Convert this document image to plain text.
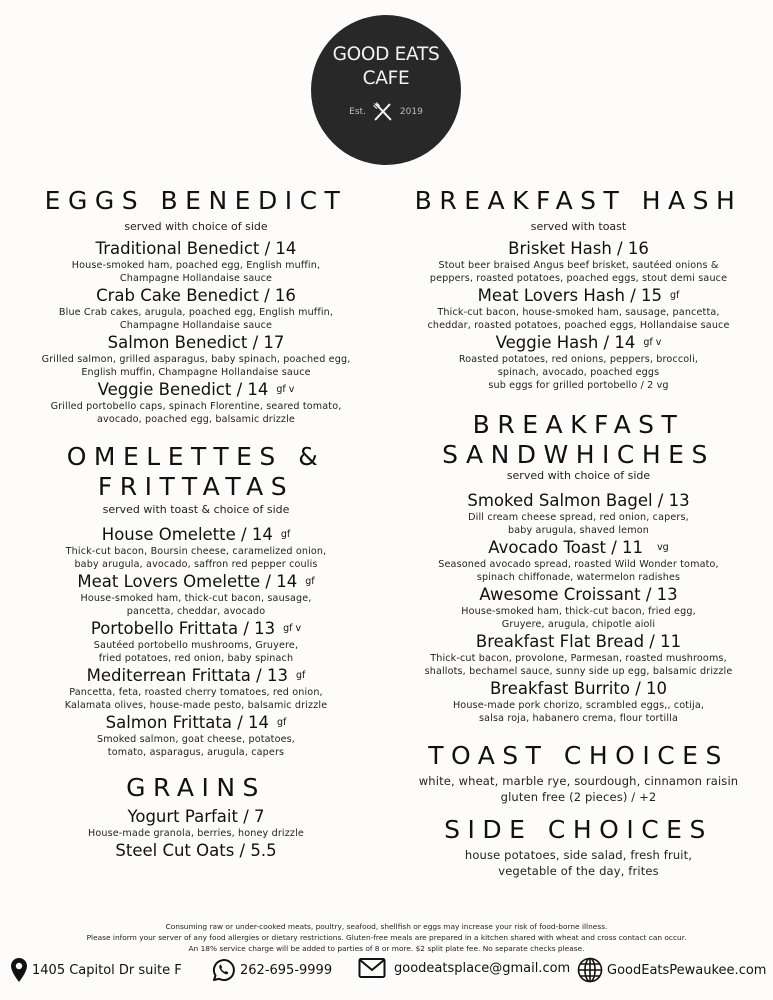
GOOD EATS
CAFE
Est.	2019
EGGS BENEDICT
served with choice of side
Traditional Benedict / 14
House-smoked ham, poached egg, English muffin,
Champagne Hollandaise sauce
Crab Cake Benedict / 16
Blue Crab cakes, arugula, poached egg, English muffin,
Champagne Hollandaise sauce
Salmon Benedict / 17
Grilled salmon, grilled asparagus, baby spinach, poached egg,
English muffin, Champagne Hollandaise sauce
Veggie Benedict / 14 gf v
Grilled portobello caps, spinach Florentine, seared tomato,
avocado, poached egg, balsamic drizzle
OMELETTES &
FRITTATAS
served with toast & choice of side
House Omelette / 14 gf
Thick-cut bacon, Boursin cheese, caramelized onion,
baby arugula, avocado, saffron red pepper coulis
Meat Lovers Omelette / 14 gf
House-smoked ham, thick-cut bacon, sausage,
pancetta, cheddar, avocado
Portobello Frittata / 13 gf v
Sautéed portobello mushrooms, Gruyere,
fried potatoes, red onion, baby spinach
Mediterrean Frittata / 13 gf
Pancetta, feta, roasted cherry tomatoes, red onion,
Kalamata olives, house-made pesto, balsamic drizzle
Salmon Frittata / 14 gf
Smoked salmon, goat cheese, potatoes,
tomato, asparagus, arugula, capers
GRAINS
Yogurt Parfait / 7
House-made granola, berries, honey drizzle
Steel Cut Oats / 5.5
BREAKFAST HASH
served with toast
Brisket Hash / 16
Stout beer braised Angus beef brisket, sautéed onions &
peppers, roasted potatoes, poached eggs, stout demi sauce
Meat Lovers Hash / 15 gf
Thick-cut bacon, house-smoked ham, sausage, pancetta,
cheddar, roasted potatoes, poached eggs, Hollandaise sauce
Veggie Hash / 14 gf v
Roasted potatoes, red onions, peppers, broccoli,
spinach, avocado, poached eggs
sub eggs for grilled portobello / 2 vg
BREAKFAST
SANDWHICHES
served with choice of side
Smoked Salmon Bagel / 13
Dill cream cheese spread, red onion, capers,
baby arugula, shaved lemon
Avocado Toast / 11 vg
Seasoned avocado spread, roasted Wild Wonder tomato,
spinach chiffonade, watermelon radishes
Awesome Croissant / 13
House-smoked ham, thick-cut bacon, fried egg,
Gruyere, arugula, chipotle aioli
Breakfast Flat Bread / 11
Thick-cut bacon, provolone, Parmesan, roasted mushrooms,
shallots, bechamel sauce, sunny side up egg, balsamic drizzle
Breakfast Burrito / 10
House-made pork chorizo, scrambled eggs,, cotija,
salsa roja, habanero crema, flour tortilla
TOAST CHOICES
white, wheat, marble rye, sourdough, cinnamon raisin
gluten free (2 pieces) / +2
SIDE CHOICES
house potatoes, side salad, fresh fruit,
vegetable of the day, frites
Consuming raw or under-cooked meats, poultry, seafood, shellfish or eggs may increase your risk of food-borne illness.
Please inform your server of any food allergies or dietary restrictions. Gluten-free meals are prepared in a kitchen shared with wheat and cross contact can occur.
An 18% service charge will be added to parties of 8 or more. $2 split plate fee. No separate checks please.
1405 Capitol Dr suite F	262-695-9999	goodeatsplace@gmail.com	GoodEatsPewaukee.com
